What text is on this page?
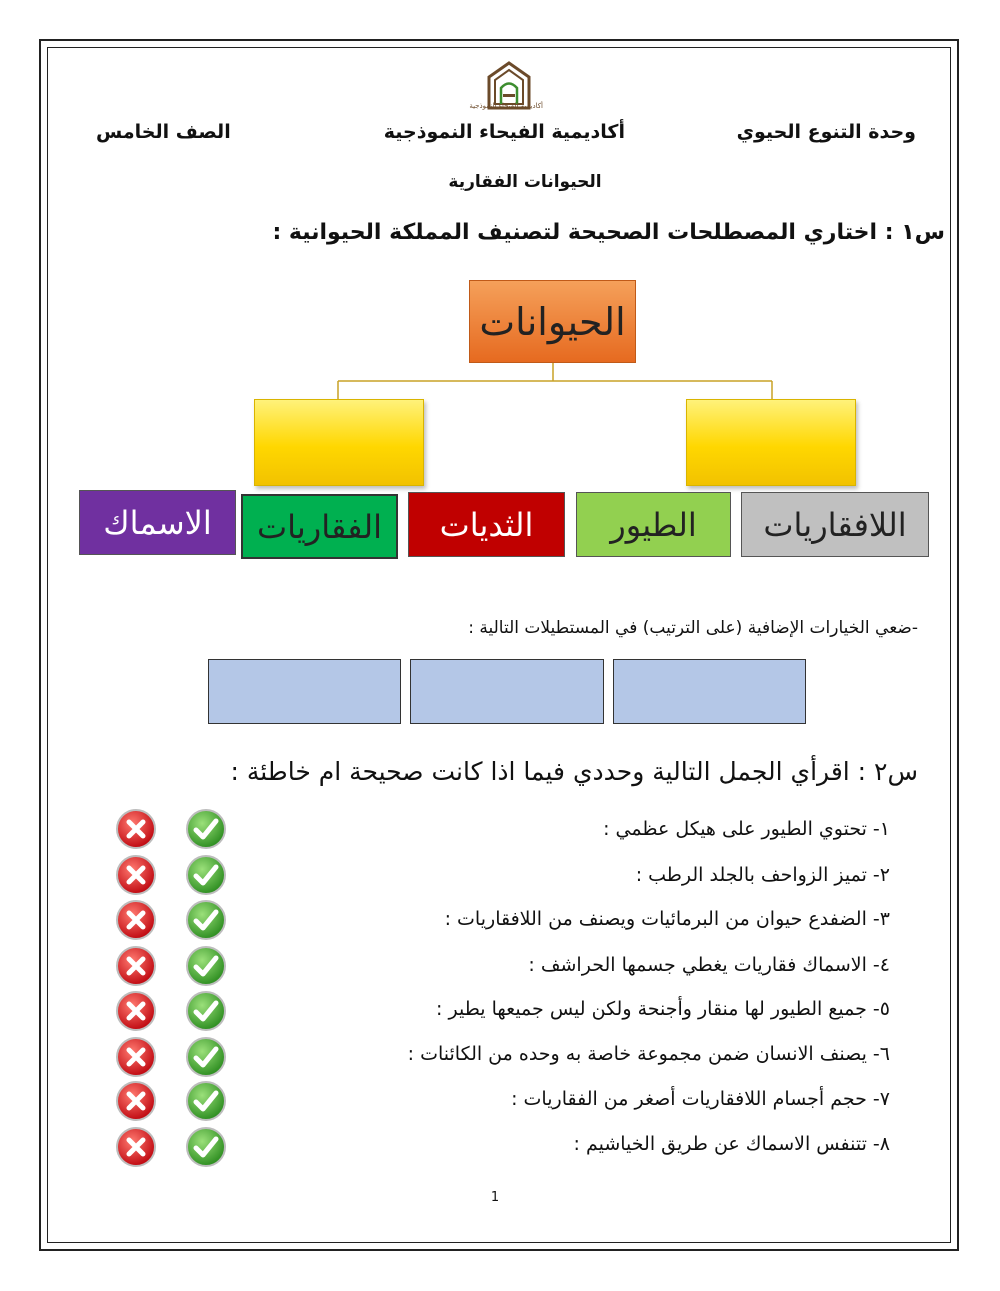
وحدة التنوع الحيوي
أكاديمية الفيحاء النموذجية
الصف الخامس
أكاديمية الفيحاء النموذجية
الحيوانات الفقارية
س١ : اختاري المصطلحات الصحيحة لتصنيف المملكة الحيوانية :
الحيوانات
اللافقاريات
الطيور
الثديات
الفقاريات
الاسماك
-ضعي الخيارات الإضافية (على الترتيب) في المستطيلات التالية :
س٢ : اقرأي الجمل التالية وحددي فيما اذا كانت صحيحة ام خاطئة :
١- تحتوي الطيور على هيكل عظمي :
٢- تميز الزواحف بالجلد الرطب :
٣- الضفدع حيوان من البرمائيات ويصنف من اللافقاريات :
٤- الاسماك فقاريات يغطي جسمها الحراشف :
٥- جميع الطيور لها منقار وأجنحة ولكن ليس جميعها يطير :
٦- يصنف الانسان ضمن مجموعة خاصة به وحده من الكائنات :
٧- حجم أجسام اللافقاريات أصغر من الفقاريات :
٨- تتنفس الاسماك عن طريق الخياشيم :
1
